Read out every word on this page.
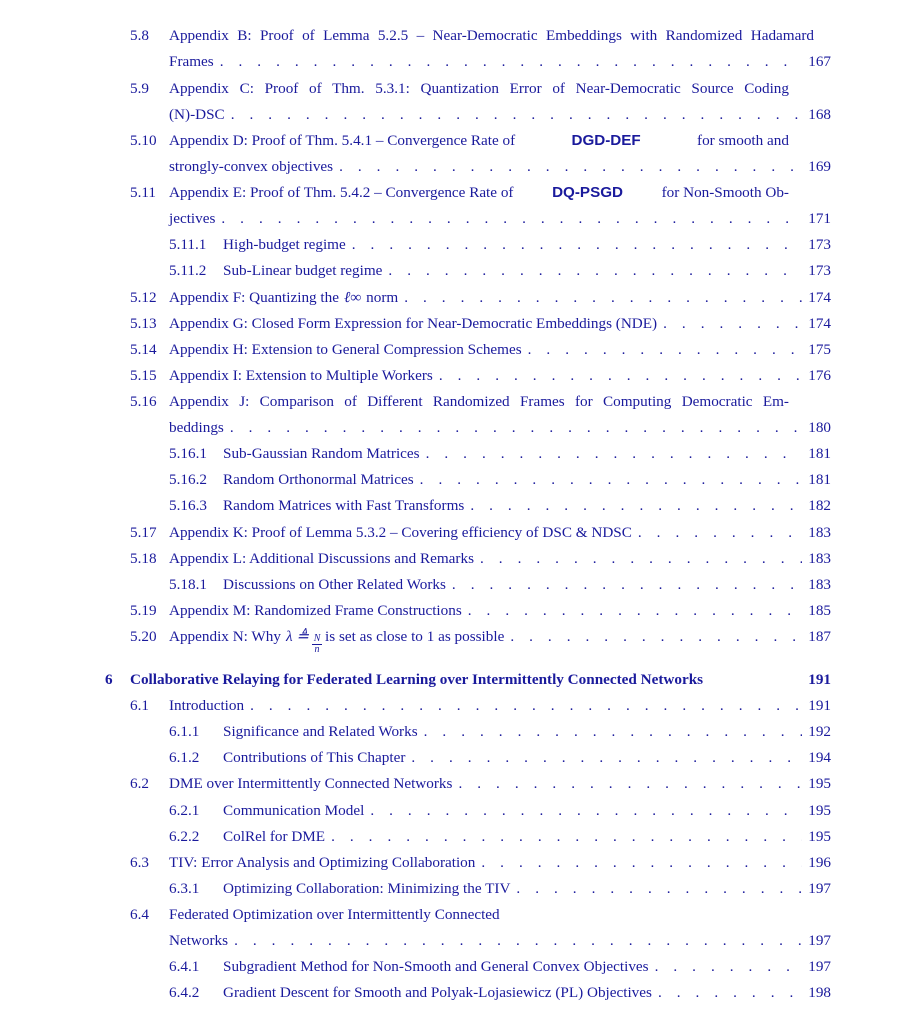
5.8 Appendix B: Proof of Lemma 5.2.5 – Near-Democratic Embeddings with Randomized Hadamard
Frames . . .	167
5.9 Appendix C: Proof of Thm. 5.3.1: Quantization Error of Near-Democratic Source Coding
(N)-DSC . . .	168
5.10 Appendix D: Proof of Thm. 5.4.1 – Convergence Rate of	DGD-DEF	for smooth and
strongly-convex objectives . . .	169
5.11 Appendix E: Proof of Thm. 5.4.2 – Convergence Rate of	DQ-PSGD	for Non-Smooth Ob-
jectives . . .	171
5.11.1 High-budget regime . . .	173
5.11.2 Sub-Linear budget regime . . .	173
5.12 Appendix F: Quantizing the ℓ∞ norm . . .	174
5.13 Appendix G: Closed Form Expression for Near-Democratic Embeddings (NDE) . . .	174
5.14 Appendix H: Extension to General Compression Schemes . . .	175
5.15 Appendix I: Extension to Multiple Workers . . .	176
5.16 Appendix J: Comparison of Different Randomized Frames for Computing Democratic Em-
beddings . . .	180
5.16.1 Sub-Gaussian Random Matrices . . .	181
5.16.2 Random Orthonormal Matrices . . .	181
5.16.3 Random Matrices with Fast Transforms . . .	182
5.17 Appendix K: Proof of Lemma 5.3.2 – Covering efficiency of DSC & NDSC . . .	183
5.18 Appendix L: Additional Discussions and Remarks . . .	183
5.18.1 Discussions on Other Related Works . . .	183
5.19 Appendix M: Randomized Frame Constructions . . .	185
5.20 Appendix N: Why λ ≜ $\frac{N}{n}$ is set as close to 1 as possible . . .	187
6 Collaborative Relaying for Federated Learning over Intermittently Connected Networks	191
6.1 Introduction . . .	191
6.1.1 Significance and Related Works . . .	192
6.1.2 Contributions of This Chapter . . .	194
6.2 DME over Intermittently Connected Networks . . .	195
6.2.1 Communication Model . . .	195
6.2.2 ColRel for DME . . .	195
6.3 TIV: Error Analysis and Optimizing Collaboration . . .	196
6.3.1 Optimizing Collaboration: Minimizing the TIV . . .	197
6.4 Federated Optimization over Intermittently Connected
Networks . . .	197
6.4.1 Subgradient Method for Non-Smooth and General Convex Objectives . . .	197
6.4.2 Gradient Descent for Smooth and Polyak-Lojasiewicz (PL) Objectives . . .	198
